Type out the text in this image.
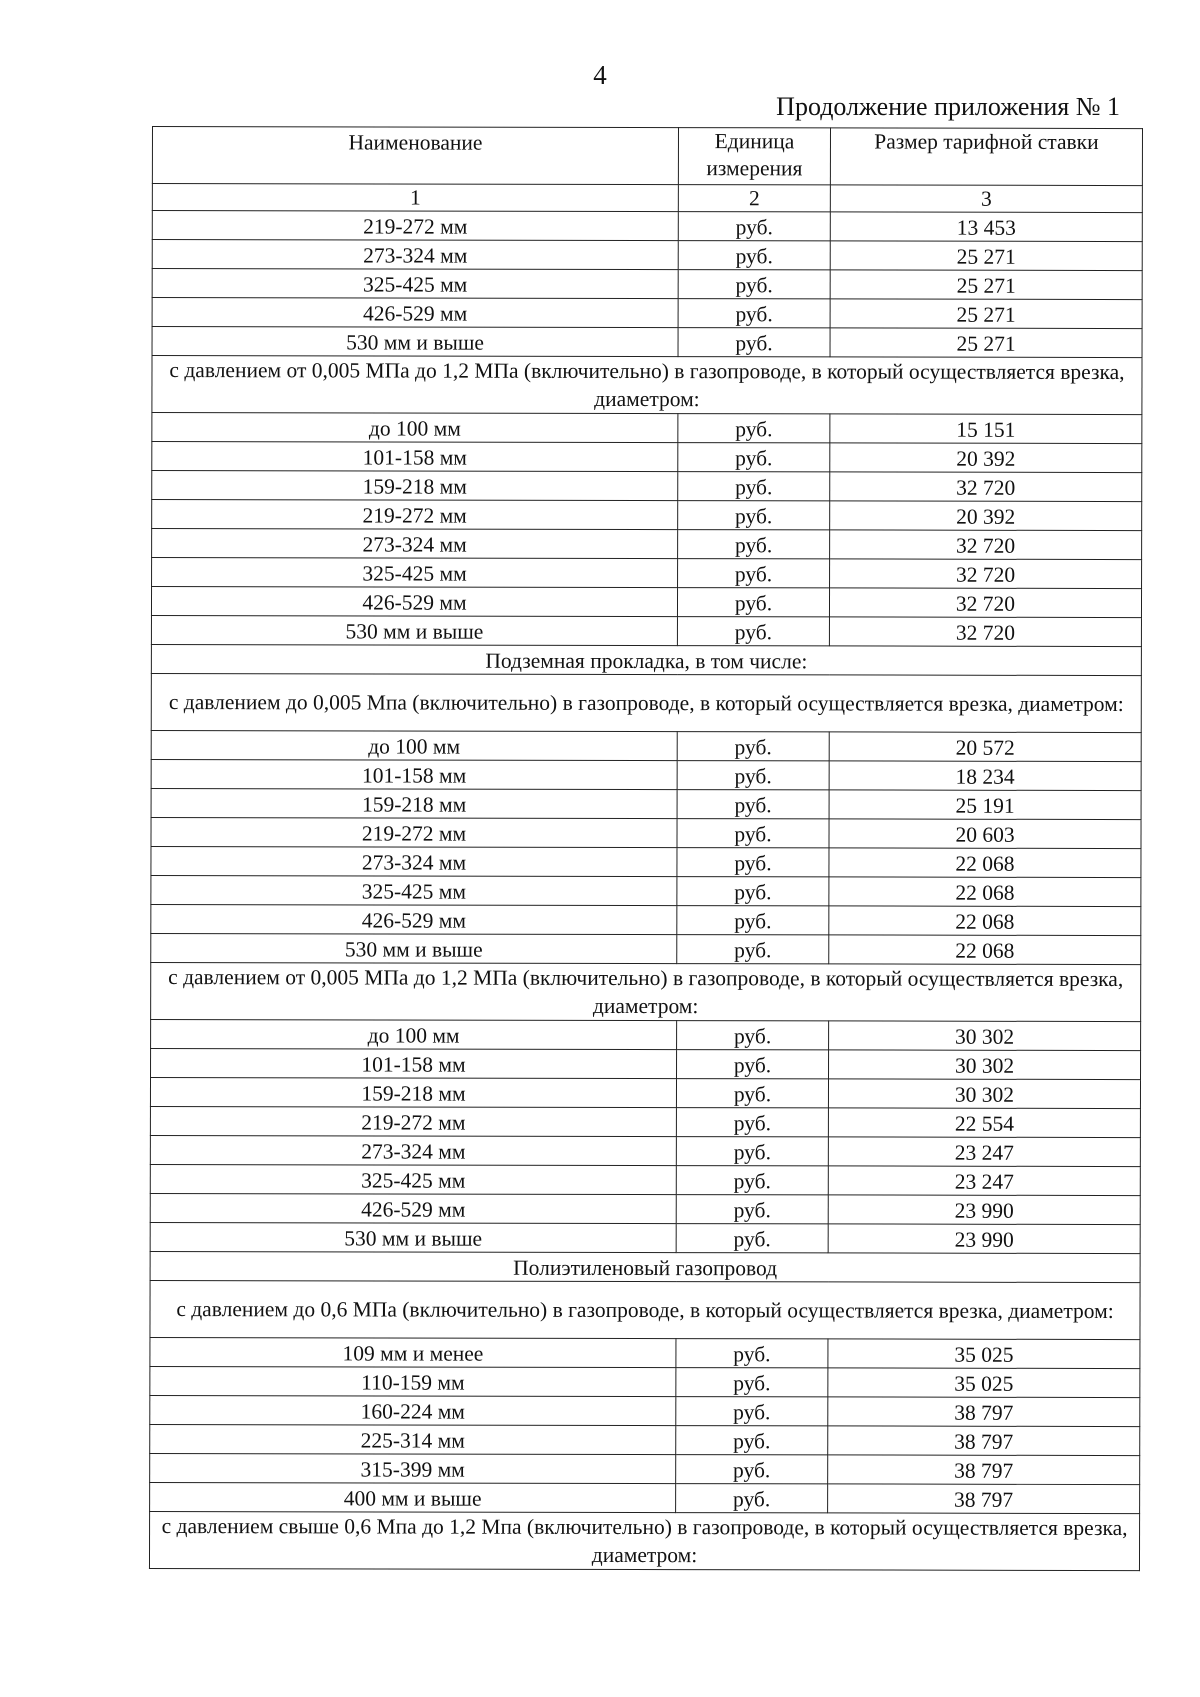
4
Продолжение приложения № 1
Наименование	Единица измерения	Размер тарифной ставки
1	2	3
219-272 мм	руб.	13 453
273-324 мм	руб.	25 271
325-425 мм	руб.	25 271
426-529 мм	руб.	25 271
530 мм и выше	руб.	25 271
с давлением от 0,005 МПа до 1,2 МПа (включительно) в газопроводе, в который осуществляется врезка, диаметром:		
до 100 мм	руб.	15 151
101-158 мм	руб.	20 392
159-218 мм	руб.	32 720
219-272 мм	руб.	20 392
273-324 мм	руб.	32 720
325-425 мм	руб.	32 720
426-529 мм	руб.	32 720
530 мм и выше	руб.	32 720
Подземная прокладка, в том числе:		
с давлением до 0,005 Мпа (включительно) в газопроводе, в который осуществляется врезка, диаметром:		
до 100 мм	руб.	20 572
101-158 мм	руб.	18 234
159-218 мм	руб.	25 191
219-272 мм	руб.	20 603
273-324 мм	руб.	22 068
325-425 мм	руб.	22 068
426-529 мм	руб.	22 068
530 мм и выше	руб.	22 068
с давлением от 0,005 МПа до 1,2 МПа (включительно) в газопроводе, в который осуществляется врезка, диаметром:		
до 100 мм	руб.	30 302
101-158 мм	руб.	30 302
159-218 мм	руб.	30 302
219-272 мм	руб.	22 554
273-324 мм	руб.	23 247
325-425 мм	руб.	23 247
426-529 мм	руб.	23 990
530 мм и выше	руб.	23 990
Полиэтиленовый газопровод		
с давлением до 0,6 МПа (включительно) в газопроводе, в который осуществляется врезка, диаметром:		
109 мм и менее	руб.	35 025
110-159 мм	руб.	35 025
160-224 мм	руб.	38 797
225-314 мм	руб.	38 797
315-399 мм	руб.	38 797
400 мм и выше	руб.	38 797
с давлением свыше 0,6 Мпа до 1,2 Мпа (включительно) в газопроводе, в который осуществляется врезка, диаметром:		
